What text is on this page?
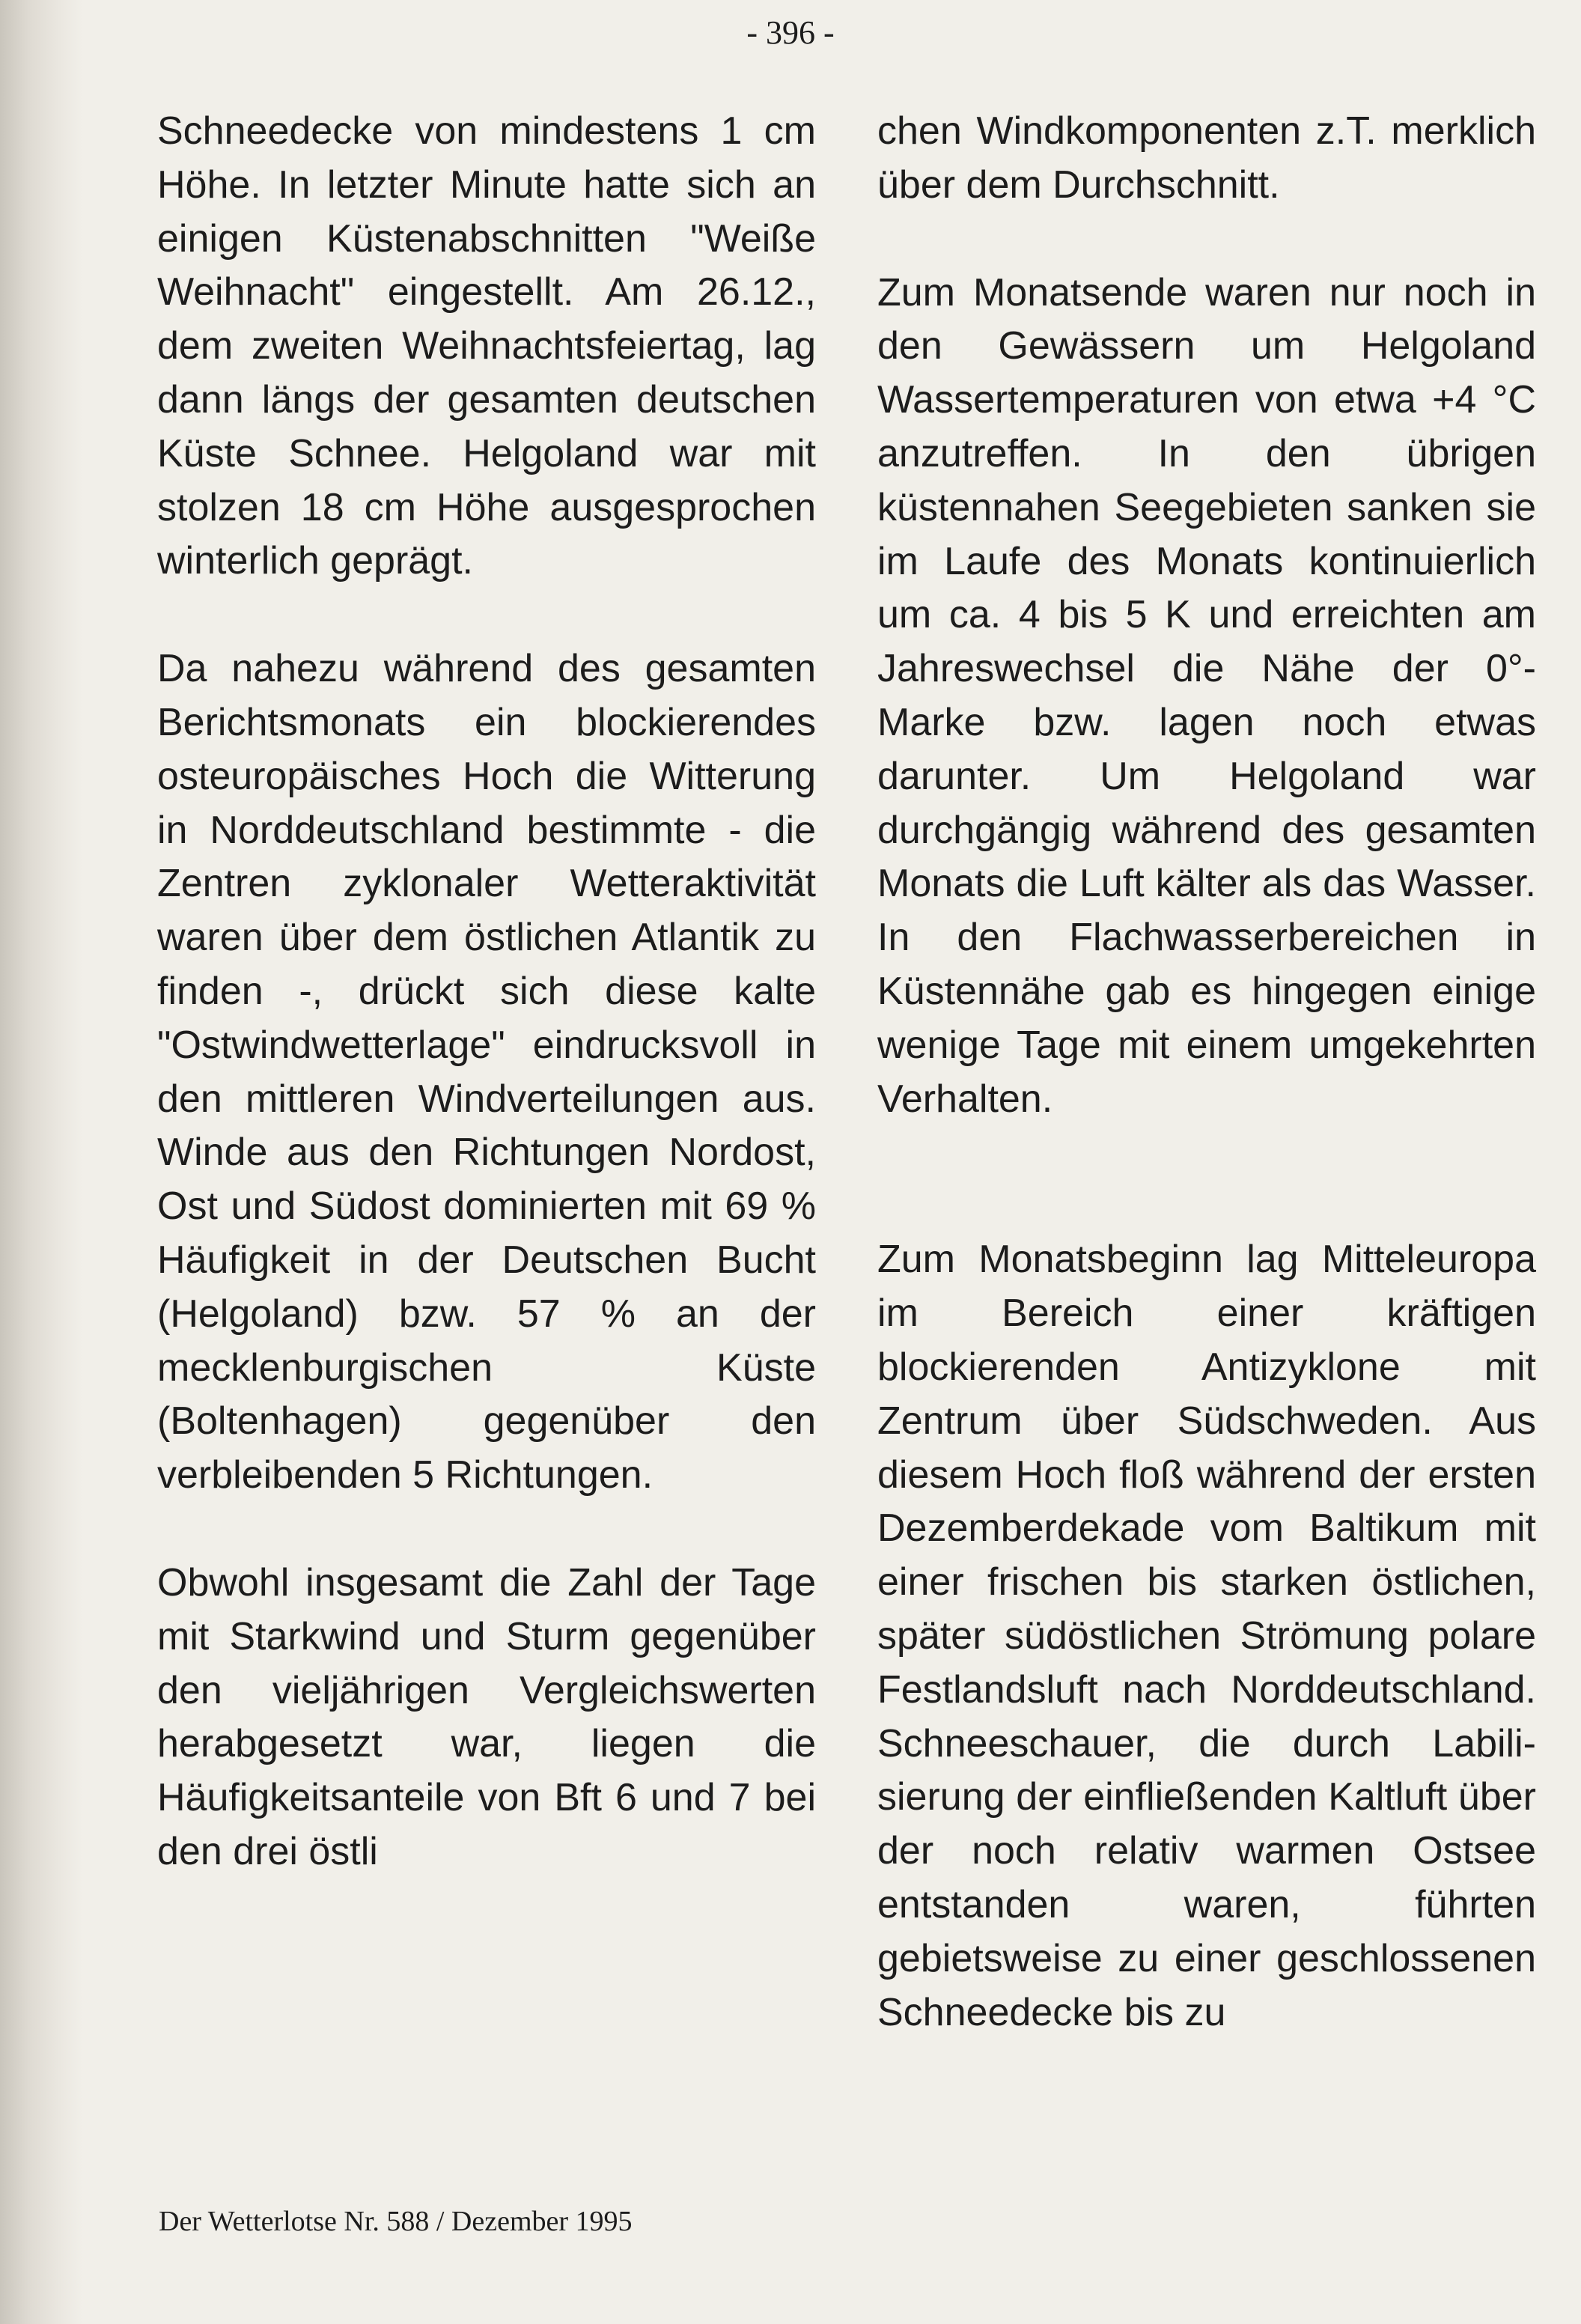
- 396 -

Schneedecke von mindestens 1 cm Höhe. In letzter Minute hatte sich an einigen Küstenabschnitten "Weiße Weihnacht" eingestellt. Am 26.12., dem zweiten Weihnachtsfeiertag, lag dann längs der gesamten deutschen Küste Schnee. Helgoland war mit stolzen 18 cm Höhe ausgesprochen winterlich geprägt.

Da nahezu während des gesamten Berichtsmonats ein blockierendes osteuropäisches Hoch die Witterung in Norddeutschland bestimmte - die Zentren zyklonaler Wetteraktivität waren über dem östlichen Atlantik zu finden -, drückt sich diese kalte "Ostwindwetterlage" eindrucksvoll in den mittleren Windverteilungen aus. Winde aus den Richtungen Nordost, Ost und Südost dominierten mit 69 % Häufigkeit in der Deutschen Bucht (Helgoland) bzw. 57 % an der mecklenburgischen Küste (Boltenhagen) gegenüber den verbleibenden 5 Richtungen.

Obwohl insgesamt die Zahl der Tage mit Starkwind und Sturm gegenüber den vieljährigen Vergleichswerten herabgesetzt war, liegen die Häufigkeitsanteile von Bft 6 und 7 bei den drei östli

chen Windkomponenten z.T. merklich über dem Durchschnitt.

Zum Monatsende waren nur noch in den Gewässern um Helgoland Wassertemperaturen von etwa +4 °C anzutreffen. In den übrigen küstennahen Seegebieten sanken sie im Laufe des Monats kontinuierlich um ca. 4 bis 5 K und erreichten am Jahreswechsel die Nähe der 0°-Marke bzw. lagen noch etwas darunter. Um Helgoland war durchgängig während des gesamten Monats die Luft kälter als das Wasser. In den Flachwasserbereichen in Küstennähe gab es hingegen einige wenige Tage mit einem umgekehrten Verhalten.

Zum Monatsbeginn lag Mitteleuropa im Bereich einer kräftigen blockierenden Antizyklone mit Zentrum über Südschweden. Aus diesem Hoch floß während der ersten Dezemberdekade vom Baltikum mit einer frischen bis starken östlichen, später südöstlichen Strömung polare Festlandsluft nach Norddeutschland. Schneeschauer, die durch Labilisierung der einfließenden Kaltluft über der noch relativ warmen Ostsee entstanden waren, führten gebietsweise zu einer geschlossenen Schneedecke bis zu

Der Wetterlotse Nr. 588 / Dezember 1995
